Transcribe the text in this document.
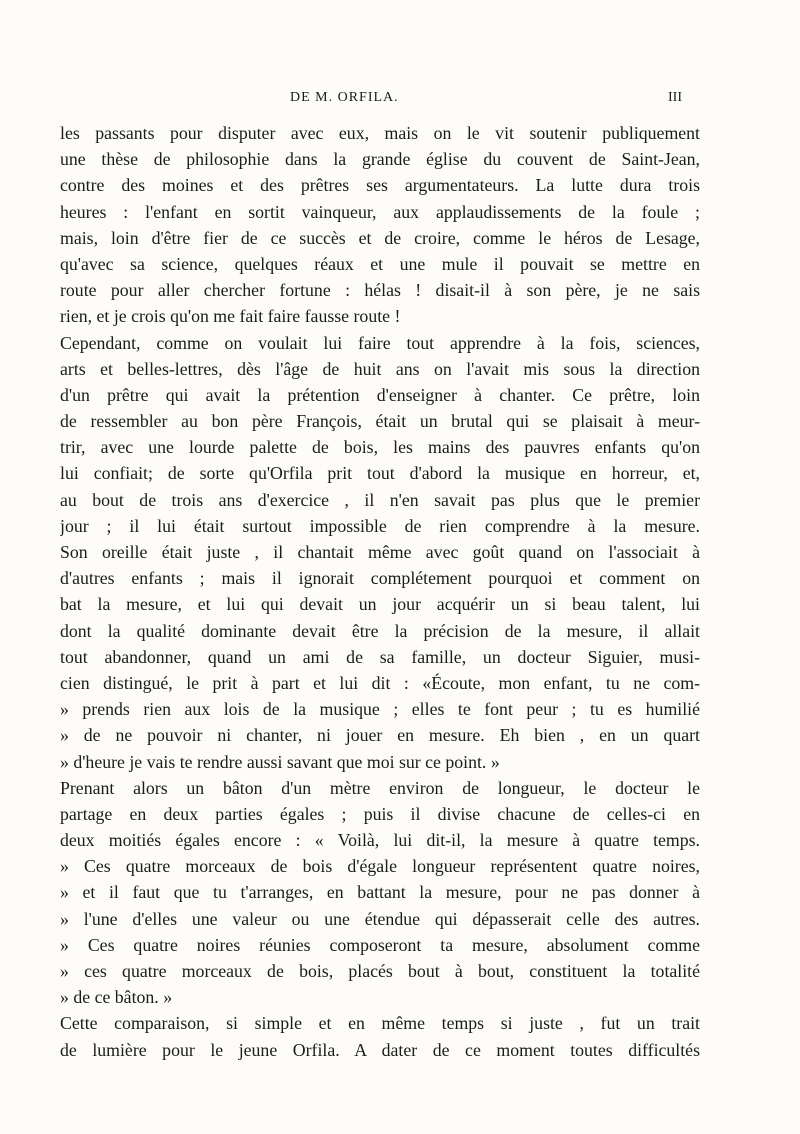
DE M. ORFILA.	III
les passants pour disputer avec eux, mais on le vit soutenir publiquement
une thèse de philosophie dans la grande église du couvent de Saint-Jean,
contre des moines et des prêtres ses argumentateurs. La lutte dura trois
heures : l'enfant en sortit vainqueur, aux applaudissements de la foule ;
mais, loin d'être fier de ce succès et de croire, comme le héros de Lesage,
qu'avec sa science, quelques réaux et une mule il pouvait se mettre en
route pour aller chercher fortune : hélas ! disait-il à son père, je ne sais
rien, et je crois qu'on me fait faire fausse route !
Cependant, comme on voulait lui faire tout apprendre à la fois, sciences,
arts et belles-lettres, dès l'âge de huit ans on l'avait mis sous la direction
d'un prêtre qui avait la prétention d'enseigner à chanter. Ce prêtre, loin
de ressembler au bon père François, était un brutal qui se plaisait à meur-
trir, avec une lourde palette de bois, les mains des pauvres enfants qu'on
lui confiait; de sorte qu'Orfila prit tout d'abord la musique en horreur, et,
au bout de trois ans d'exercice , il n'en savait pas plus que le premier
jour ; il lui était surtout impossible de rien comprendre à la mesure.
Son oreille était juste , il chantait même avec goût quand on l'associait à
d'autres enfants ; mais il ignorait complétement pourquoi et comment on
bat la mesure, et lui qui devait un jour acquérir un si beau talent, lui
dont la qualité dominante devait être la précision de la mesure, il allait
tout abandonner, quand un ami de sa famille, un docteur Siguier, musi-
cien distingué, le prit à part et lui dit : «Écoute, mon enfant, tu ne com-
» prends rien aux lois de la musique ; elles te font peur ; tu es humilié
» de ne pouvoir ni chanter, ni jouer en mesure. Eh bien , en un quart
» d'heure je vais te rendre aussi savant que moi sur ce point. »
Prenant alors un bâton d'un mètre environ de longueur, le docteur le
partage en deux parties égales ; puis il divise chacune de celles-ci en
deux moitiés égales encore : « Voilà, lui dit-il, la mesure à quatre temps.
» Ces quatre morceaux de bois d'égale longueur représentent quatre noires,
» et il faut que tu t'arranges, en battant la mesure, pour ne pas donner à
» l'une d'elles une valeur ou une étendue qui dépasserait celle des autres.
» Ces quatre noires réunies composeront ta mesure, absolument comme
» ces quatre morceaux de bois, placés bout à bout, constituent la totalité
» de ce bâton. »
Cette comparaison, si simple et en même temps si juste , fut un trait
de lumière pour le jeune Orfila. A dater de ce moment toutes difficultés
